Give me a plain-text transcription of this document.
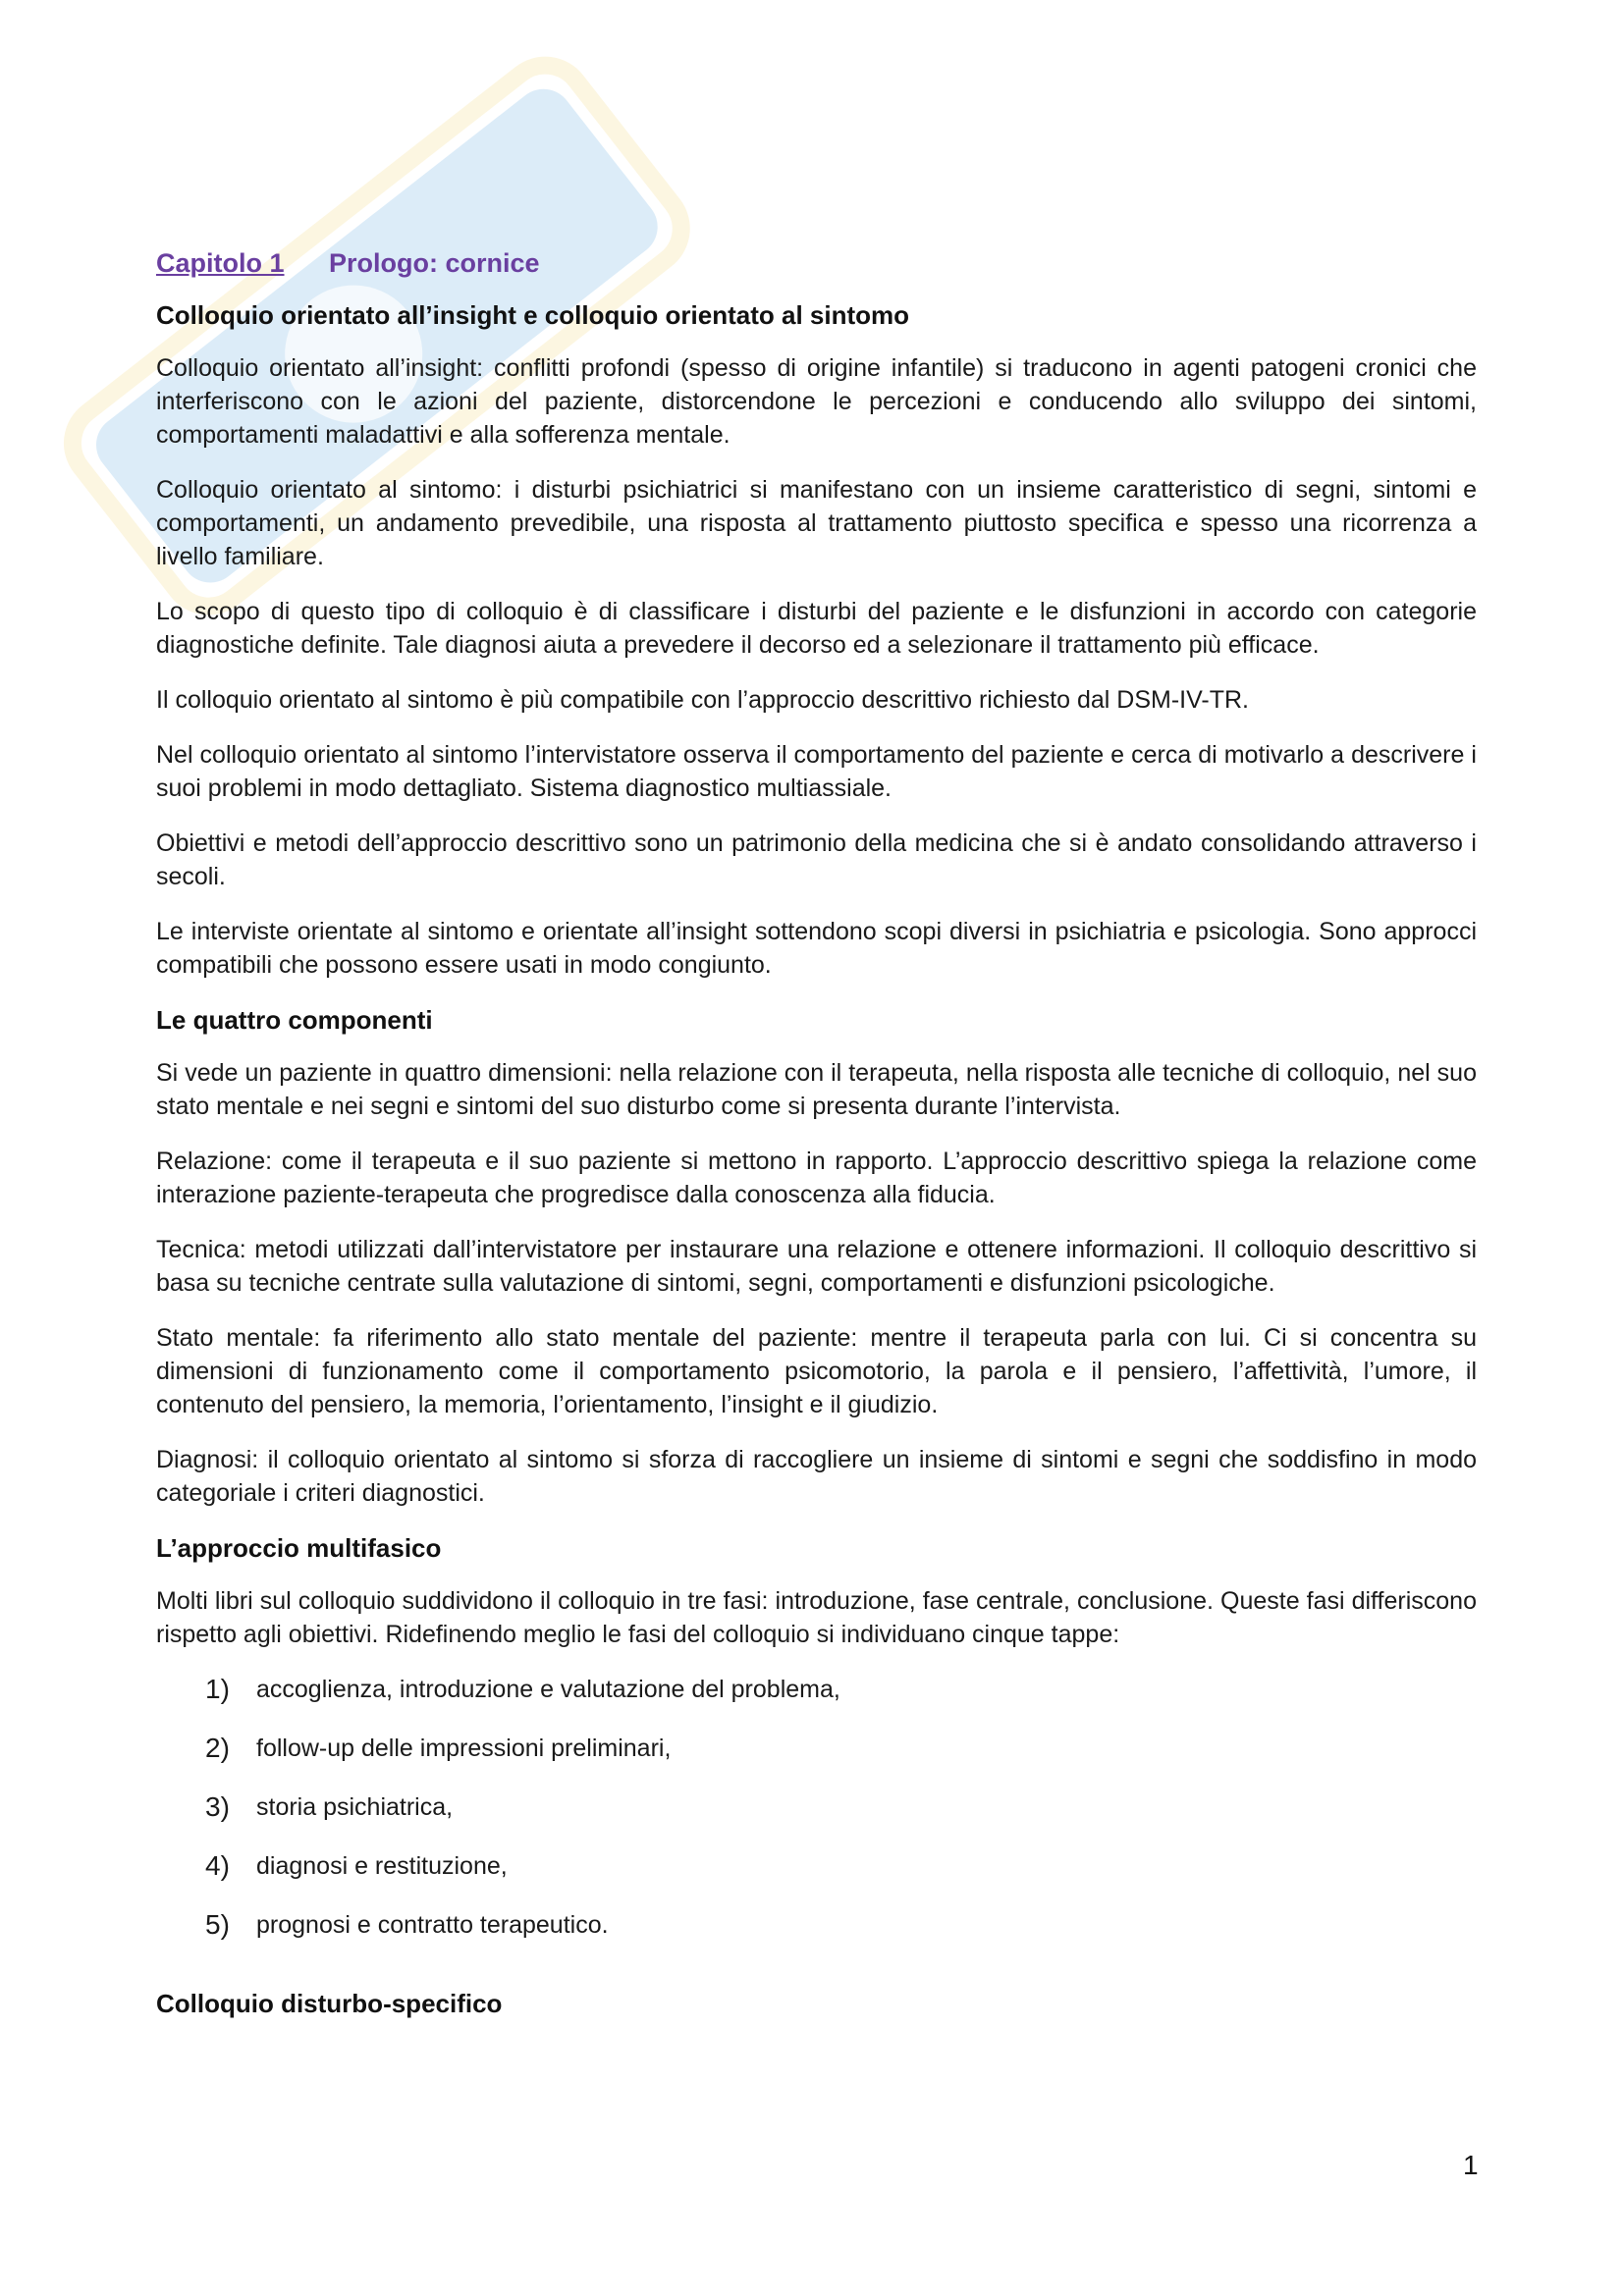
Capitolo 1 Prologo: cornice
Colloquio orientato all’insight e colloquio orientato al sintomo

Colloquio orientato all’insight: conflitti profondi (spesso di origine infantile) si traducono in agenti patogeni cronici che interferiscono con le azioni del paziente, distorcendone le percezioni e conducendo allo sviluppo dei sintomi, comportamenti maladattivi e alla sofferenza mentale.

Colloquio orientato al sintomo: i disturbi psichiatrici si manifestano con un insieme caratteristico di segni, sintomi e comportamenti, un andamento prevedibile, una risposta al trattamento piuttosto specifica e spesso una ricorrenza a livello familiare.

Lo scopo di questo tipo di colloquio è di classificare i disturbi del paziente e le disfunzioni in accordo con categorie diagnostiche definite. Tale diagnosi aiuta a prevedere il decorso ed a selezionare il trattamento più efficace.

Il colloquio orientato al sintomo è più compatibile con l’approccio descrittivo richiesto dal DSM-IV-TR.

Nel colloquio orientato al sintomo l’intervistatore osserva il comportamento del paziente e cerca di motivarlo a descrivere i suoi problemi in modo dettagliato. Sistema diagnostico multiassiale.

Obiettivi e metodi dell’approccio descrittivo sono un patrimonio della medicina che si è andato consolidando attraverso i secoli.

Le interviste orientate al sintomo e orientate all’insight sottendono scopi diversi in psichiatria e psicologia. Sono approcci compatibili che possono essere usati in modo congiunto.

Le quattro componenti

Si vede un paziente in quattro dimensioni: nella relazione con il terapeuta, nella risposta alle tecniche di colloquio, nel suo stato mentale e nei segni e sintomi del suo disturbo come si presenta durante l’intervista.

Relazione: come il terapeuta e il suo paziente si mettono in rapporto. L’approccio descrittivo spiega la relazione come interazione paziente-terapeuta che progredisce dalla conoscenza alla fiducia.

Tecnica: metodi utilizzati dall’intervistatore per instaurare una relazione e ottenere informazioni. Il colloquio descrittivo si basa su tecniche centrate sulla valutazione di sintomi, segni, comportamenti e disfunzioni psicologiche.

Stato mentale: fa riferimento allo stato mentale del paziente: mentre il terapeuta parla con lui. Ci si concentra su dimensioni di funzionamento come il comportamento psicomotorio, la parola e il pensiero, l’affettività, l’umore, il contenuto del pensiero, la memoria, l’orientamento, l’insight e il giudizio.

Diagnosi: il colloquio orientato al sintomo si sforza di raccogliere un insieme di sintomi e segni che soddisfino in modo categoriale i criteri diagnostici.

L’approccio multifasico

Molti libri sul colloquio suddividono il colloquio in tre fasi: introduzione, fase centrale, conclusione. Queste fasi differiscono rispetto agli obiettivi. Ridefinendo meglio le fasi del colloquio si individuano cinque tappe:

1)	accoglienza, introduzione e valutazione del problema,
2)	follow-up delle impressioni preliminari,
3)	storia psichiatrica,
4)	diagnosi e restituzione,
5)	prognosi e contratto terapeutico.
Colloquio disturbo-specifico
1
